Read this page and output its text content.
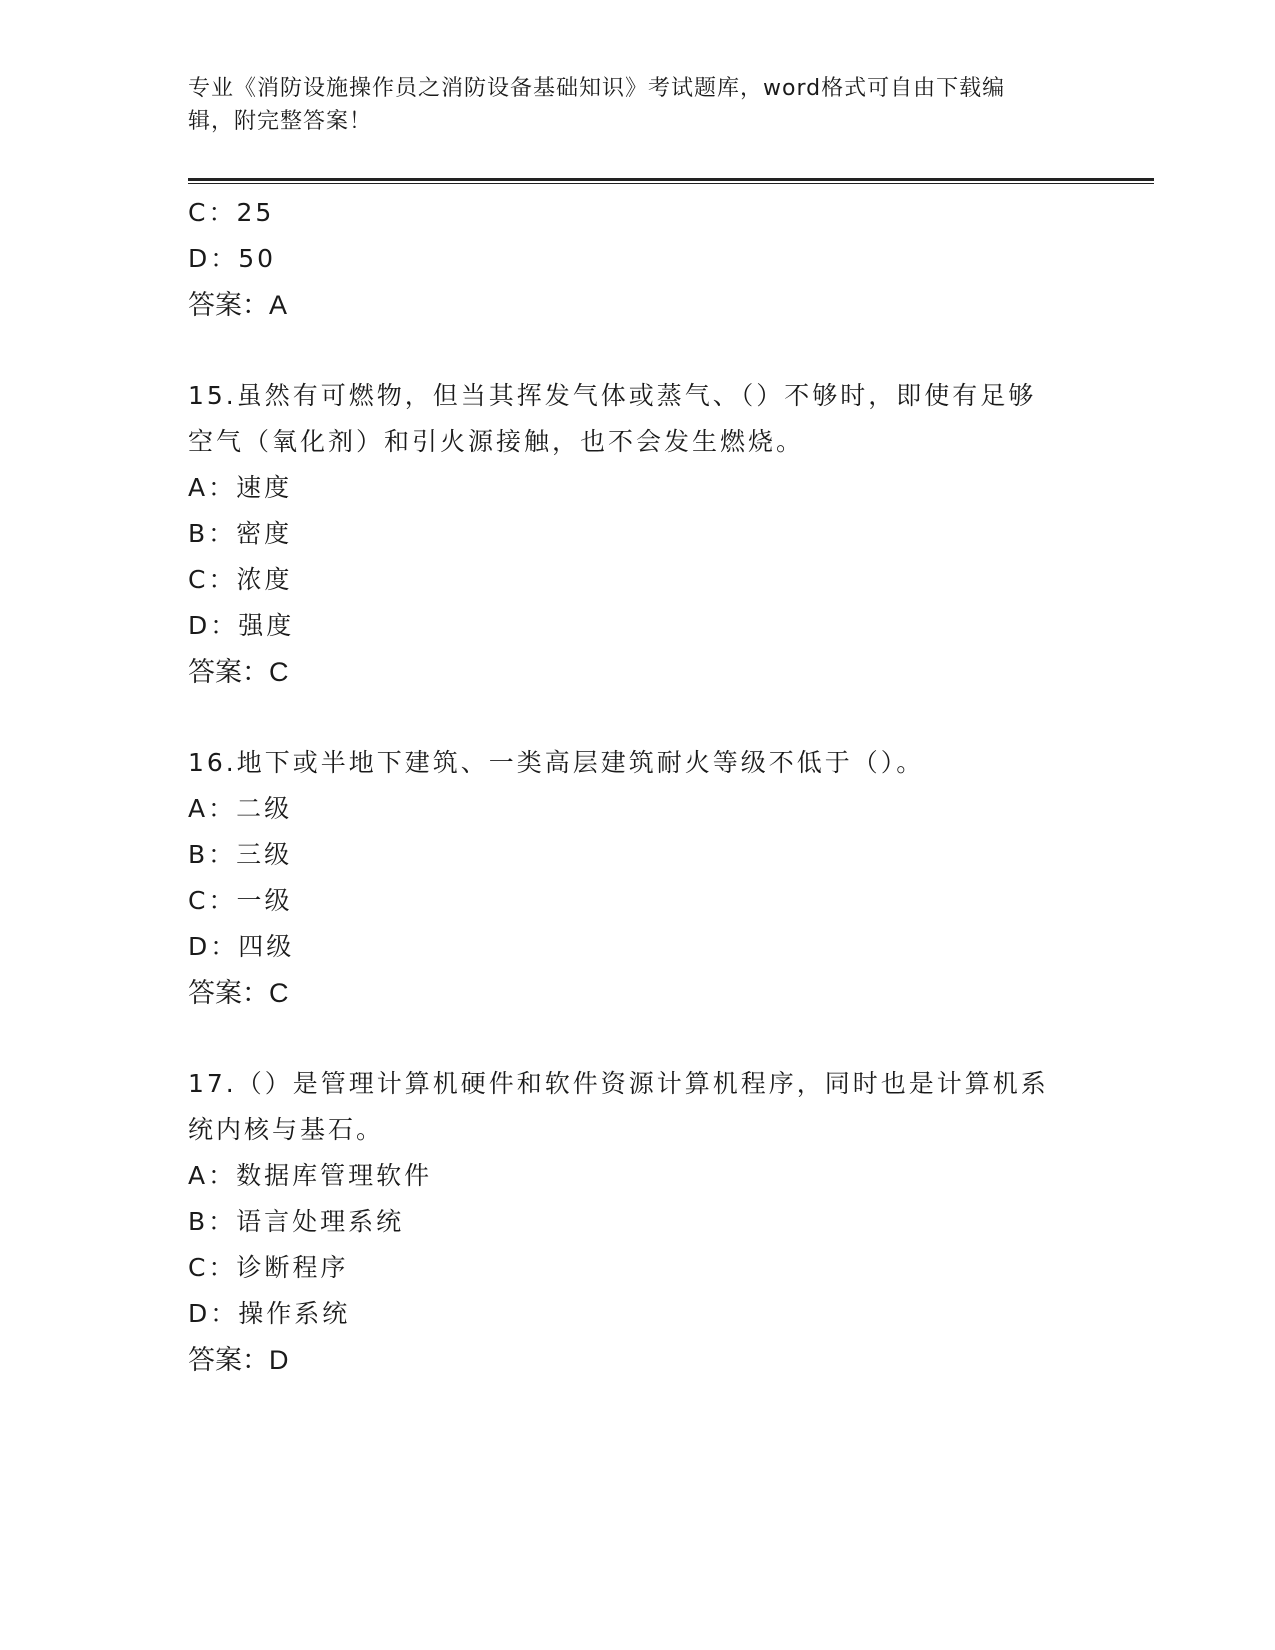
专业《消防设施操作员之消防设备基础知识》考试题库，word格式可自由下载编
辑，附完整答案！
C：25
D：50
答案：A
15.虽然有可燃物，但当其挥发气体或蒸气、（）不够时，即使有足够
空气（氧化剂）和引火源接触，也不会发生燃烧。
A：速度
B：密度
C：浓度
D：强度
答案：C
16.地下或半地下建筑、一类高层建筑耐火等级不低于（）。
A：二级
B：三级
C：一级
D：四级
答案：C
17.（）是管理计算机硬件和软件资源计算机程序，同时也是计算机系
统内核与基石。
A：数据库管理软件
B：语言处理系统
C：诊断程序
D：操作系统
答案：D
